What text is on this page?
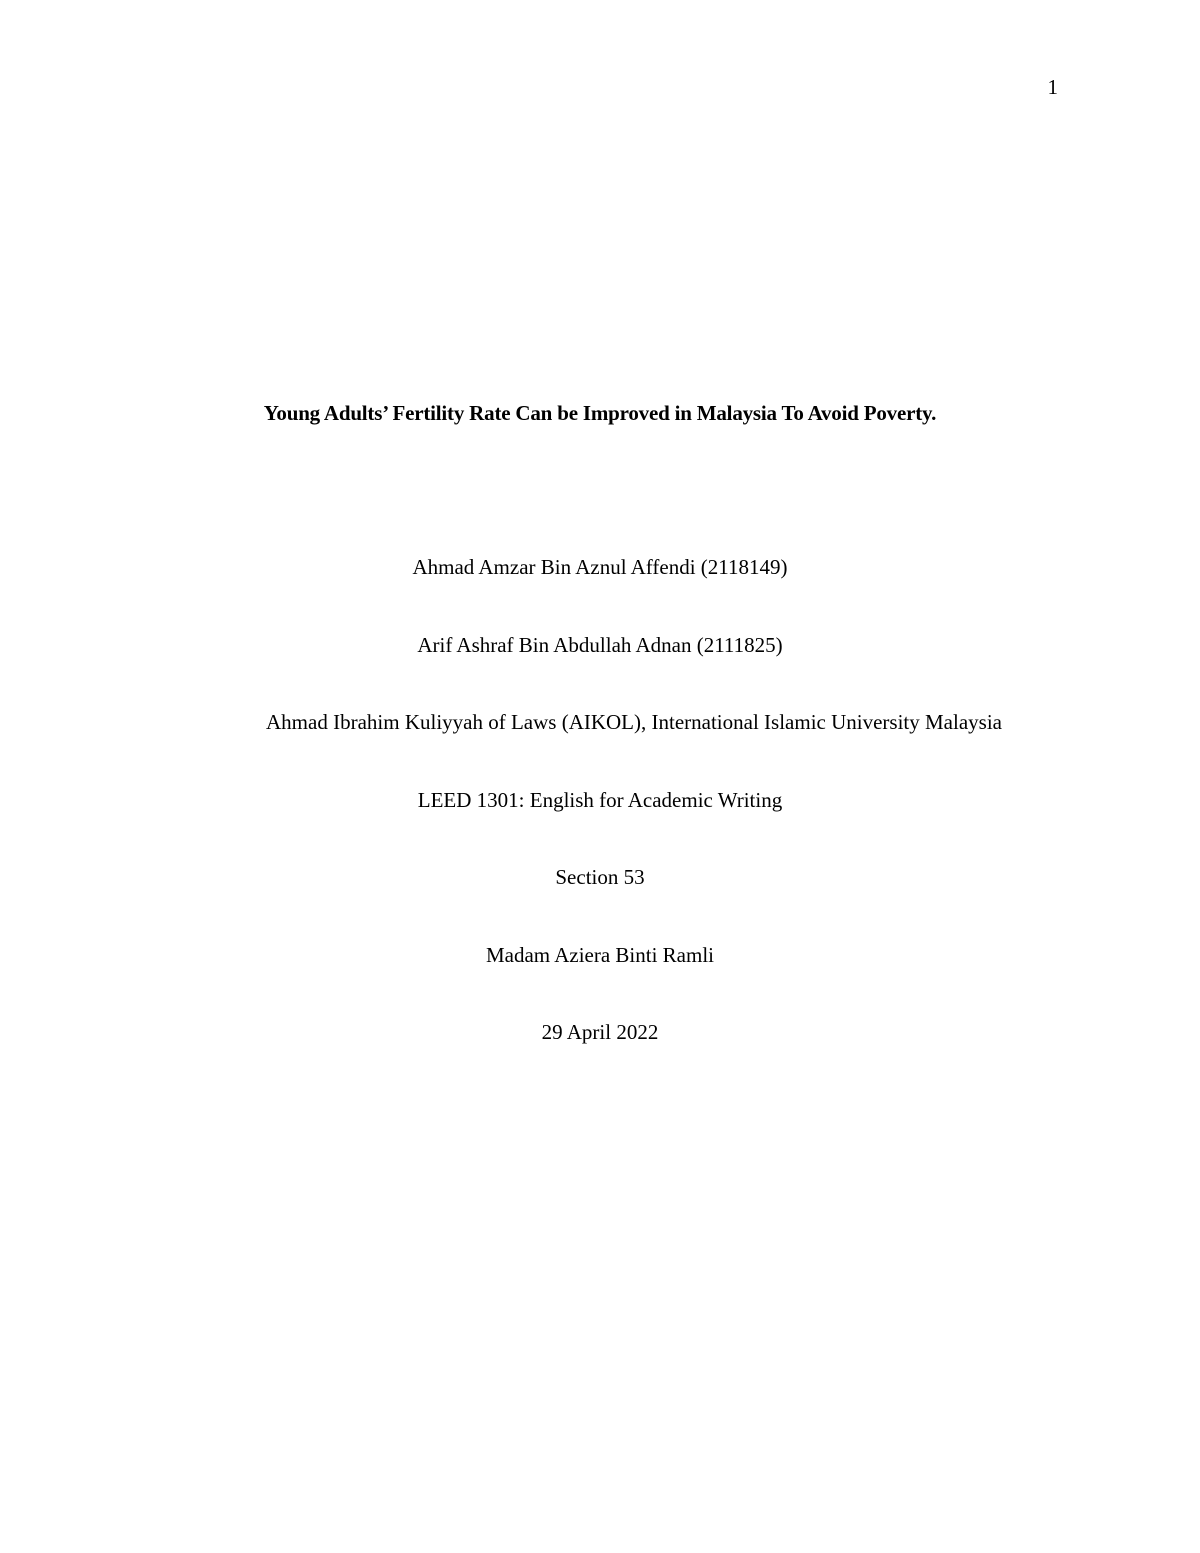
1
Young Adults’ Fertility Rate Can be Improved in Malaysia To Avoid Poverty.
Ahmad Amzar Bin Aznul Affendi (2118149)
Arif Ashraf Bin Abdullah Adnan (2111825)
Ahmad Ibrahim Kuliyyah of Laws (AIKOL), International Islamic University Malaysia
LEED 1301: English for Academic Writing
Section 53
Madam Aziera Binti Ramli
29 April 2022
